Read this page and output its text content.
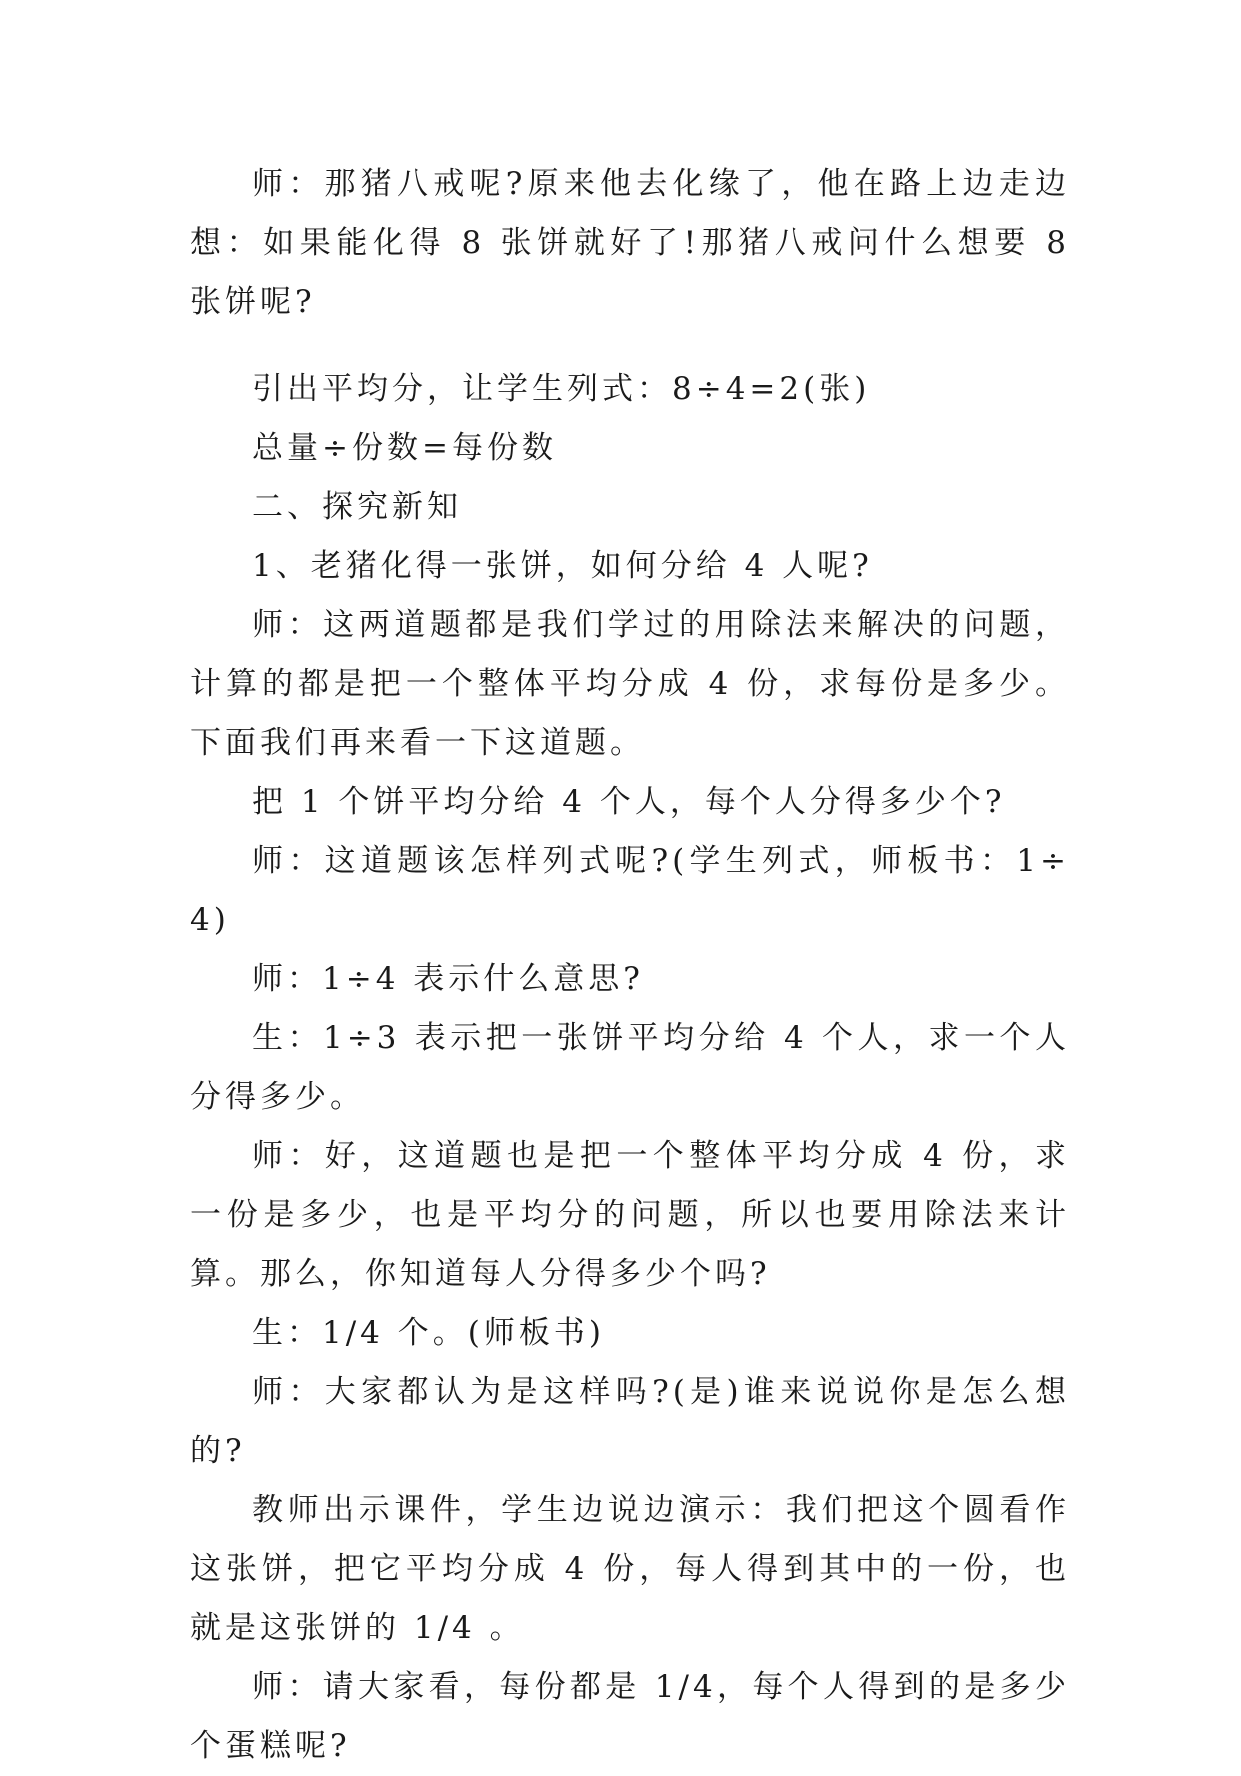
师：那猪八戒呢?原来他去化缘了，他在路上边走边想：如果能化得 8 张饼就好了!那猪八戒问什么想要 8 张饼呢?

引出平均分，让学生列式：8÷4=2(张)

总量÷份数=每份数

二、探究新知

1、老猪化得一张饼，如何分给 4 人呢?

师：这两道题都是我们学过的用除法来解决的问题，计算的都是把一个整体平均分成 4 份，求每份是多少。下面我们再来看一下这道题。

把 1 个饼平均分给 4 个人，每个人分得多少个?

师：这道题该怎样列式呢?(学生列式，师板书：1÷4)

师：1÷4 表示什么意思?

生：1÷3 表示把一张饼平均分给 4 个人，求一个人分得多少。

师：好，这道题也是把一个整体平均分成 4 份，求一份是多少，也是平均分的问题，所以也要用除法来计算。那么，你知道每人分得多少个吗?

生：1/4 个。(师板书)

师：大家都认为是这样吗?(是)谁来说说你是怎么想的?

教师出示课件，学生边说边演示：我们把这个圆看作这张饼，把它平均分成 4 份，每人得到其中的一份，也就是这张饼的 1/4 。

师：请大家看，每份都是 1/4，每个人得到的是多少个蛋糕呢?
